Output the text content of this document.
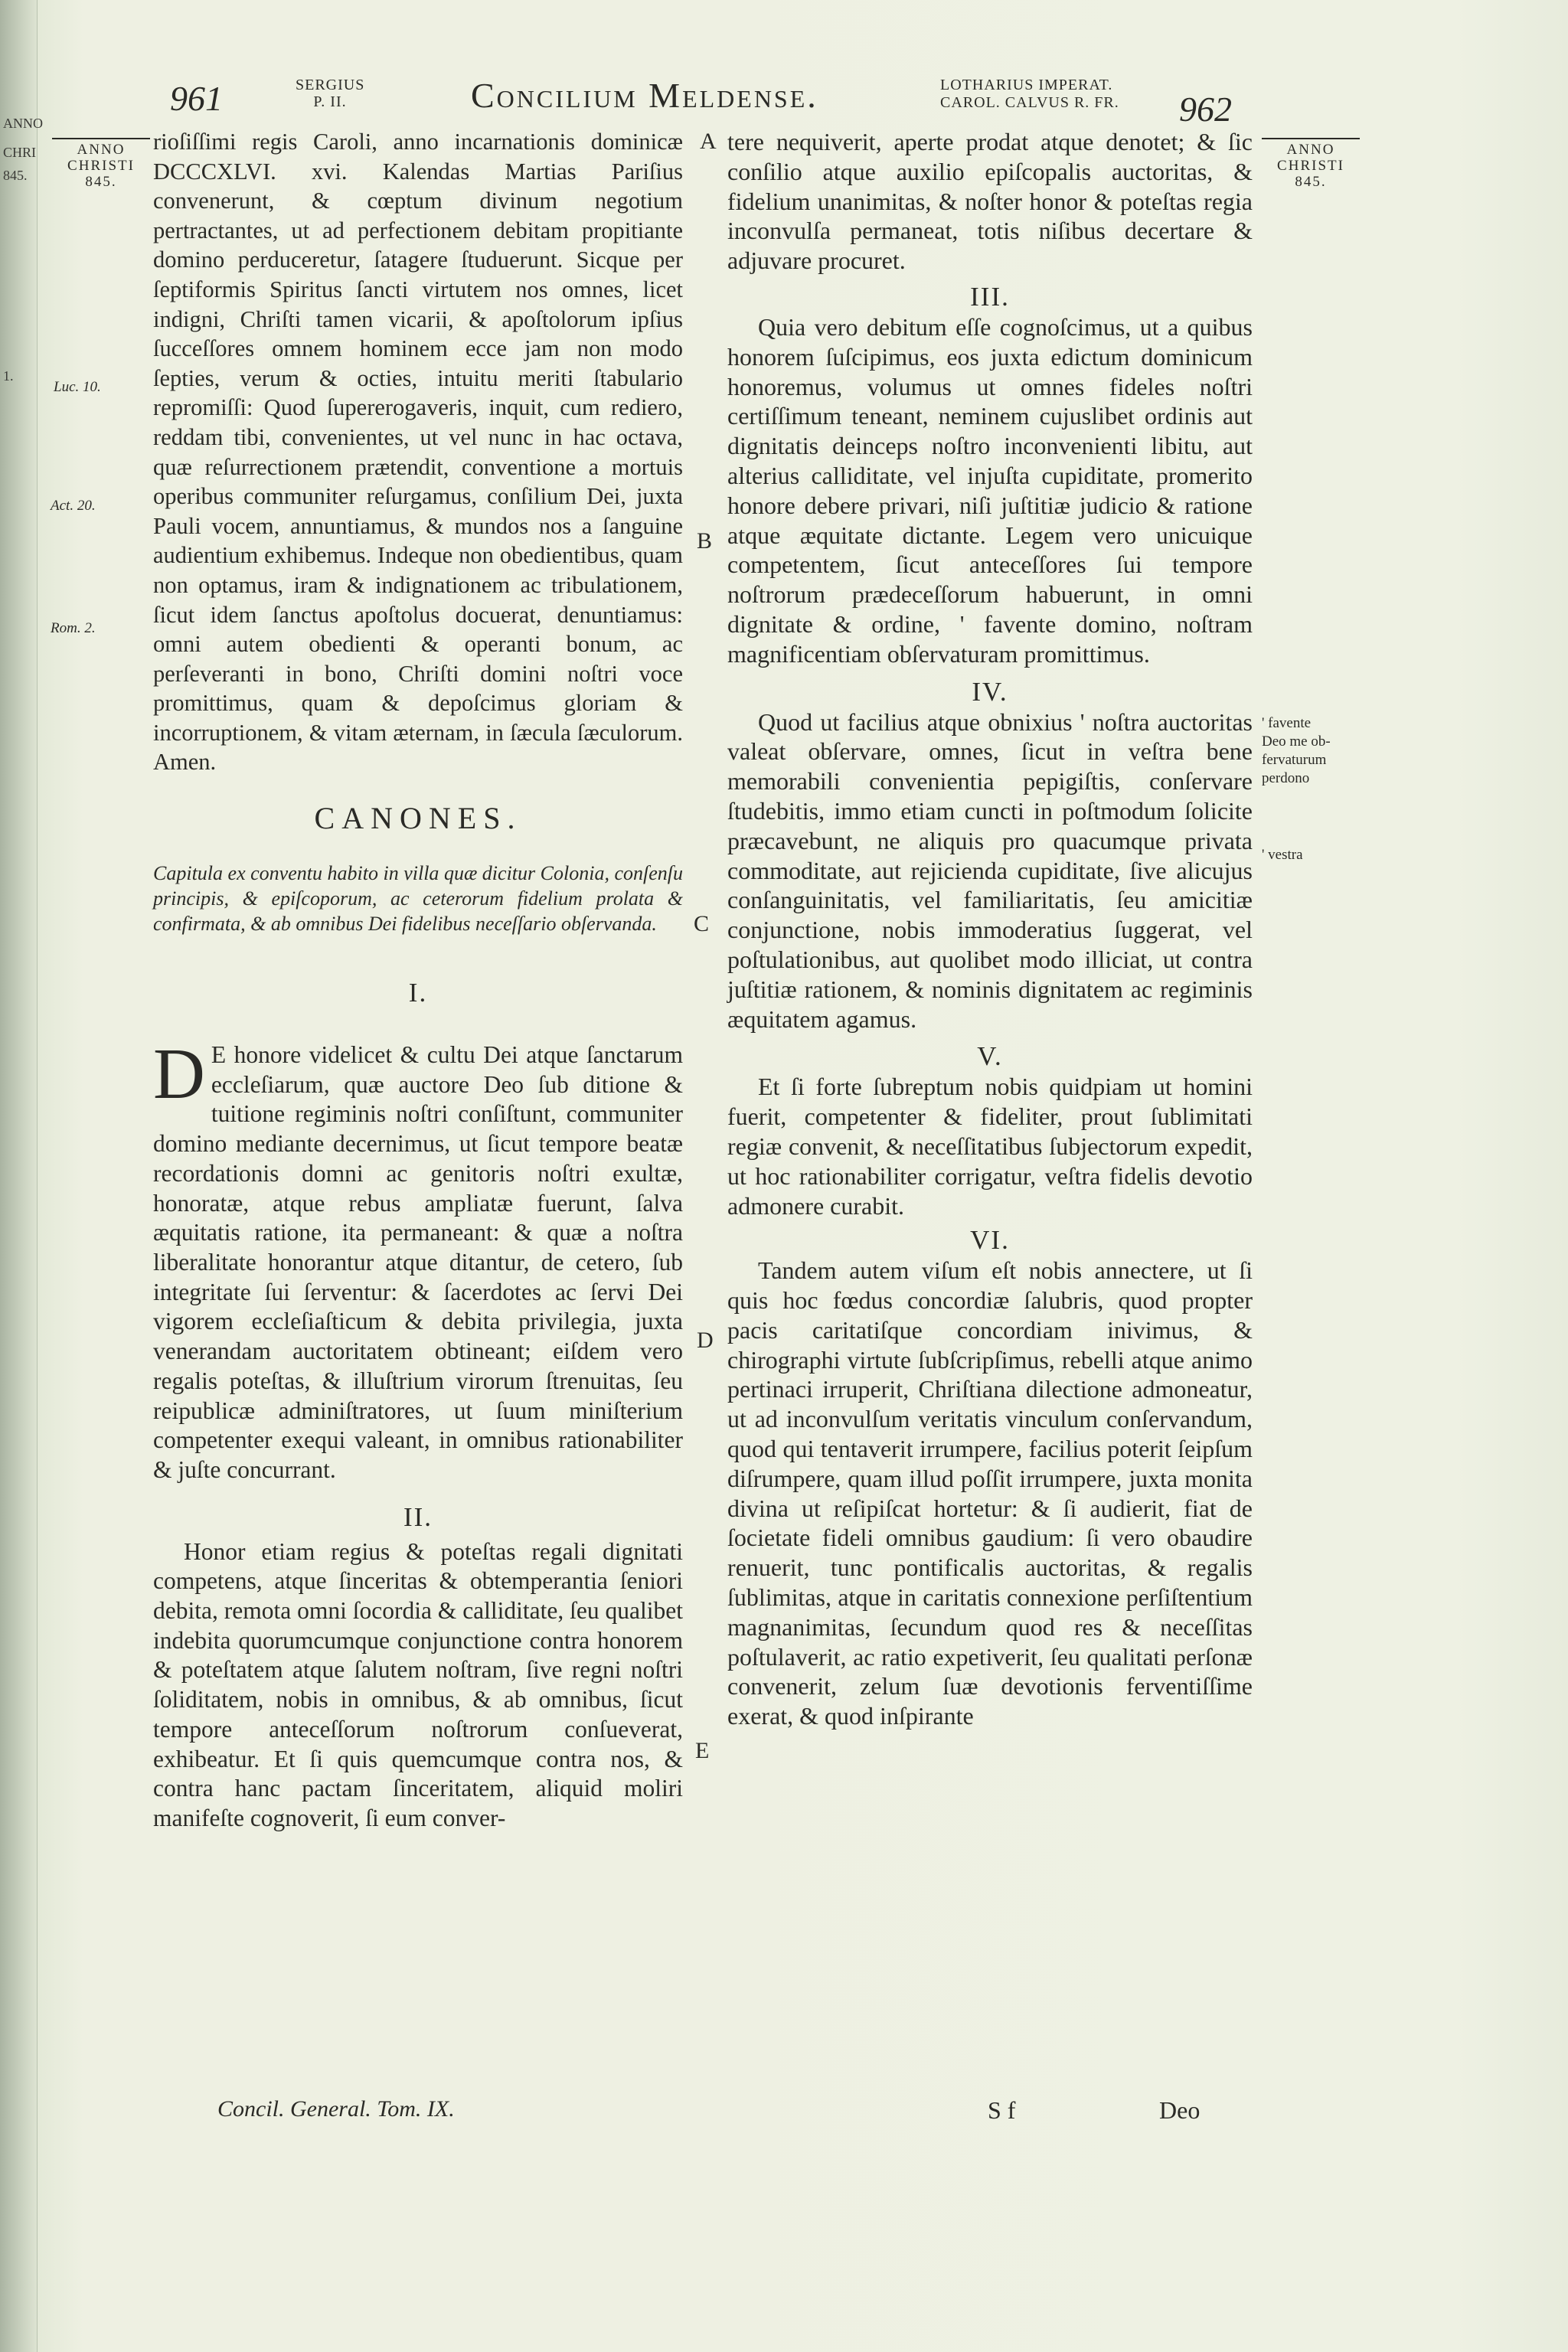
ANNO
CHRI
845.
1.
961	SERGIUS
P. II.	Concilium Meldense.	LOTHARIUS IMPERAT.
CAROL. CALVUS R. FR. 962
ANNO
CHRISTI
845.
Luc. 10.
Act. 20.
Rom. 2.
ANNO
CHRISTI
845.
' favente
Deo me ob-
fervaturum
perdono
' vestra
A
B
C
D
E
rioſiſſimi regis Caroli, anno incarnationis dominicæ DCCCXLVI. xvi. Kalendas Martias Pariſius convenerunt, & cœptum divinum negotium pertractantes, ut ad perfectionem debitam propitiante domino perduceretur, ſatagere ſtuduerunt. Sicque per ſeptiformis Spiritus ſancti virtutem nos omnes, licet indigni, Chriſti tamen vicarii, & apoſtolorum ipſius ſucceſſores omnem hominem ecce jam non modo ſepties, verum & octies, intuitu meriti ſtabulario repromiſſi: Quod ſupererogaveris, inquit, cum rediero, reddam tibi, convenientes, ut vel nunc in hac octava, quæ reſurrectionem prætendit, conventione a mortuis operibus communiter reſurgamus, conſilium Dei, juxta Pauli vocem, annuntiamus, & mundos nos a ſanguine audientium exhibemus. Indeque non obedientibus, quam non optamus, iram & indignationem ac tribulationem, ſicut idem ſanctus apoſtolus docuerat, denuntiamus: omni autem obedienti & operanti bonum, ac perſeveranti in bono, Chriſti domini noſtri voce promittimus, quam & depoſcimus gloriam & incorruptionem, & vitam æternam, in ſæcula ſæculorum. Amen.
CANONES.
Capitula ex conventu habito in villa quæ dicitur Colonia, conſenſu principis, & epiſcoporum, ac ceterorum fidelium prolata & confirmata, & ab omnibus Dei fidelibus neceſſario obſervanda.
I.
D E honore videlicet & cultu Dei atque ſanctarum eccleſiarum, quæ auctore Deo ſub ditione & tuitione regiminis noſtri conſiſtunt, communiter domino mediante decernimus, ut ſicut tempore beatæ recordationis domni ac genitoris noſtri exultæ, honoratæ, atque rebus ampliatæ fuerunt, ſalva æquitatis ratione, ita permaneant: & quæ a noſtra liberalitate honorantur atque ditantur, de cetero, ſub integritate ſui ſerventur: & ſacerdotes ac ſervi Dei vigorem eccleſiaſticum & debita privilegia, juxta venerandam auctoritatem obtineant; eiſdem vero regalis poteſtas, & illuſtrium virorum ſtrenuitas, ſeu reipublicæ adminiſtratores, ut ſuum miniſterium competenter exequi valeant, in omnibus rationabiliter & juſte concurrant.
II.
Honor etiam regius & poteſtas regali dignitati competens, atque ſinceritas & obtemperantia ſeniori debita, remota omni ſocordia & calliditate, ſeu qualibet indebita quorumcumque conjunctione contra honorem & poteſtatem atque ſalutem noſtram, ſive regni noſtri ſoliditatem, nobis in omnibus, & ab omnibus, ſicut tempore anteceſſorum noſtrorum conſueverat, exhibeatur. Et ſi quis quemcumque contra nos, & contra hanc pactam ſinceritatem, aliquid moliri manifeſte cognoverit, ſi eum conver-
tere nequiverit, aperte prodat atque denotet; & ſic conſilio atque auxilio epiſcopalis auctoritas, & fidelium unanimitas, & noſter honor & poteſtas regia inconvulſa permaneat, totis niſibus decertare & adjuvare procuret.
III.
Quia vero debitum eſſe cognoſcimus, ut a quibus honorem ſuſcipimus, eos juxta edictum dominicum honoremus, volumus ut omnes fideles noſtri certiſſimum teneant, neminem cujuslibet ordinis aut dignitatis deinceps noſtro inconvenienti libitu, aut alterius calliditate, vel injuſta cupiditate, promerito honore debere privari, niſi juſtitiæ judicio & ratione atque æquitate dictante. Legem vero unicuique competentem, ſicut anteceſſores ſui tempore noſtrorum prædeceſſorum habuerunt, in omni dignitate & ordine, ' favente domino, noſtram magnificentiam obſervaturam promittimus.
IV.
Quod ut facilius atque obnixius ' noſtra auctoritas valeat obſervare, omnes, ſicut in veſtra bene memorabili convenientia pepigiſtis, conſervare ſtudebitis, immo etiam cuncti in poſtmodum ſolicite præcavebunt, ne aliquis pro quacumque privata commoditate, aut rejicienda cupiditate, ſive alicujus conſanguinitatis, vel familiaritatis, ſeu amicitiæ conjunctione, nobis immoderatius ſuggerat, vel poſtulationibus, aut quolibet modo illiciat, ut contra juſtitiæ rationem, & nominis dignitatem ac regiminis æquitatem agamus.
V.
Et ſi forte ſubreptum nobis quidpiam ut homini fuerit, competenter & fideliter, prout ſublimitati regiæ convenit, & neceſſitatibus ſubjectorum expedit, ut hoc rationabiliter corrigatur, veſtra fidelis devotio admonere curabit.
VI.
Tandem autem viſum eſt nobis annectere, ut ſi quis hoc fœdus concordiæ ſalubris, quod propter pacis caritatiſque concordiam inivimus, & chirographi virtute ſubſcripſimus, rebelli atque animo pertinaci irruperit, Chriſtiana dilectione admoneatur, ut ad inconvulſum veritatis vinculum conſervandum, quod qui tentaverit irrumpere, facilius poterit ſeipſum diſrumpere, quam illud poſſit irrumpere, juxta monita divina ut reſipiſcat hortetur: & ſi audierit, fiat de ſocietate fideli omnibus gaudium: ſi vero obaudire renuerit, tunc pontificalis auctoritas, & regalis ſublimitas, atque in caritatis connexione perſiſtentium magnanimitas, ſecundum quod res & neceſſitas poſtulaverit, ac ratio expetiverit, ſeu qualitati perſonæ convenerit, zelum ſuæ devotionis ferventiſſime exerat, & quod inſpirante
Concil. General. Tom. IX.	S f	Deo
